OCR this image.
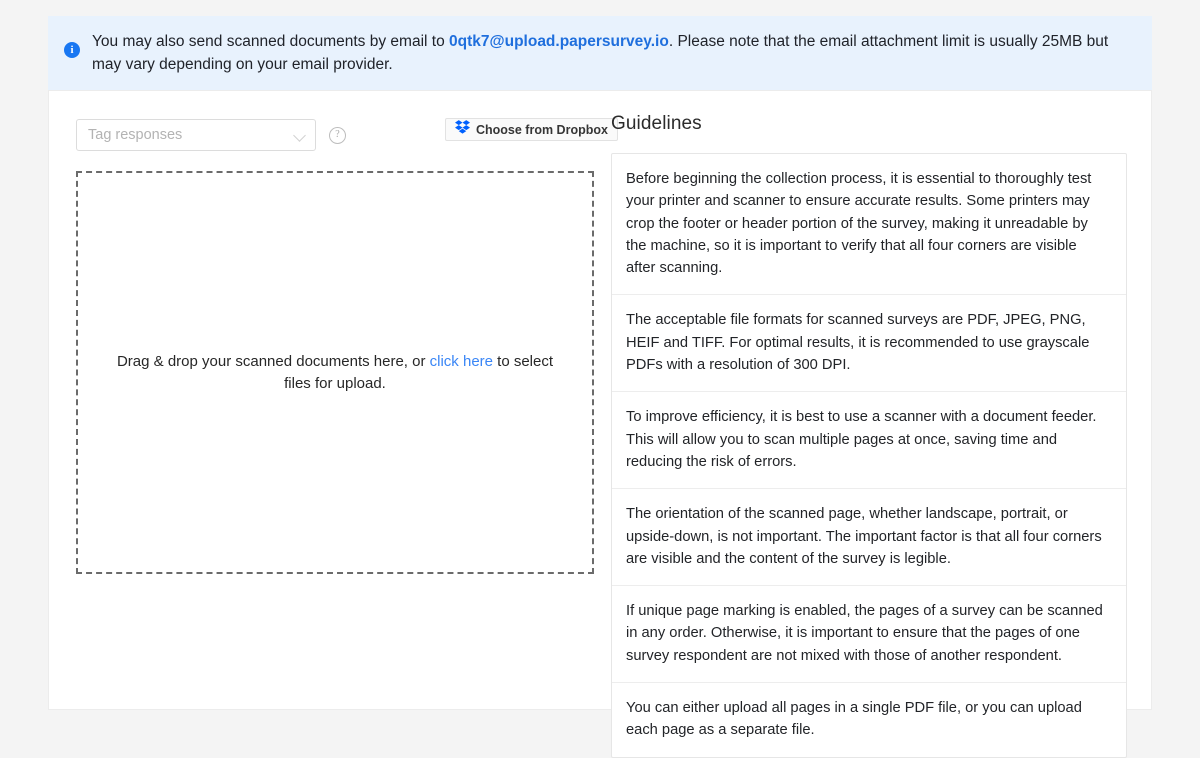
i	You may also send scanned documents by email to 0qtk7@upload.papersurvey.io. Please note that the email attachment limit is usually 25MB but may vary depending on your email provider.
Tag responses	?	Choose from Dropbox
Drag & drop your scanned documents here, or click here to select files for upload.
Guidelines
Before beginning the collection process, it is essential to thoroughly test your printer and scanner to ensure accurate results. Some printers may crop the footer or header portion of the survey, making it unreadable by the machine, so it is important to verify that all four corners are visible after scanning.
The acceptable file formats for scanned surveys are PDF, JPEG, PNG, HEIF and TIFF. For optimal results, it is recommended to use grayscale PDFs with a resolution of 300 DPI.
To improve efficiency, it is best to use a scanner with a document feeder. This will allow you to scan multiple pages at once, saving time and reducing the risk of errors.
The orientation of the scanned page, whether landscape, portrait, or upside-down, is not important. The important factor is that all four corners are visible and the content of the survey is legible.
If unique page marking is enabled, the pages of a survey can be scanned in any order. Otherwise, it is important to ensure that the pages of one survey respondent are not mixed with those of another respondent.
You can either upload all pages in a single PDF file, or you can upload each page as a separate file.
